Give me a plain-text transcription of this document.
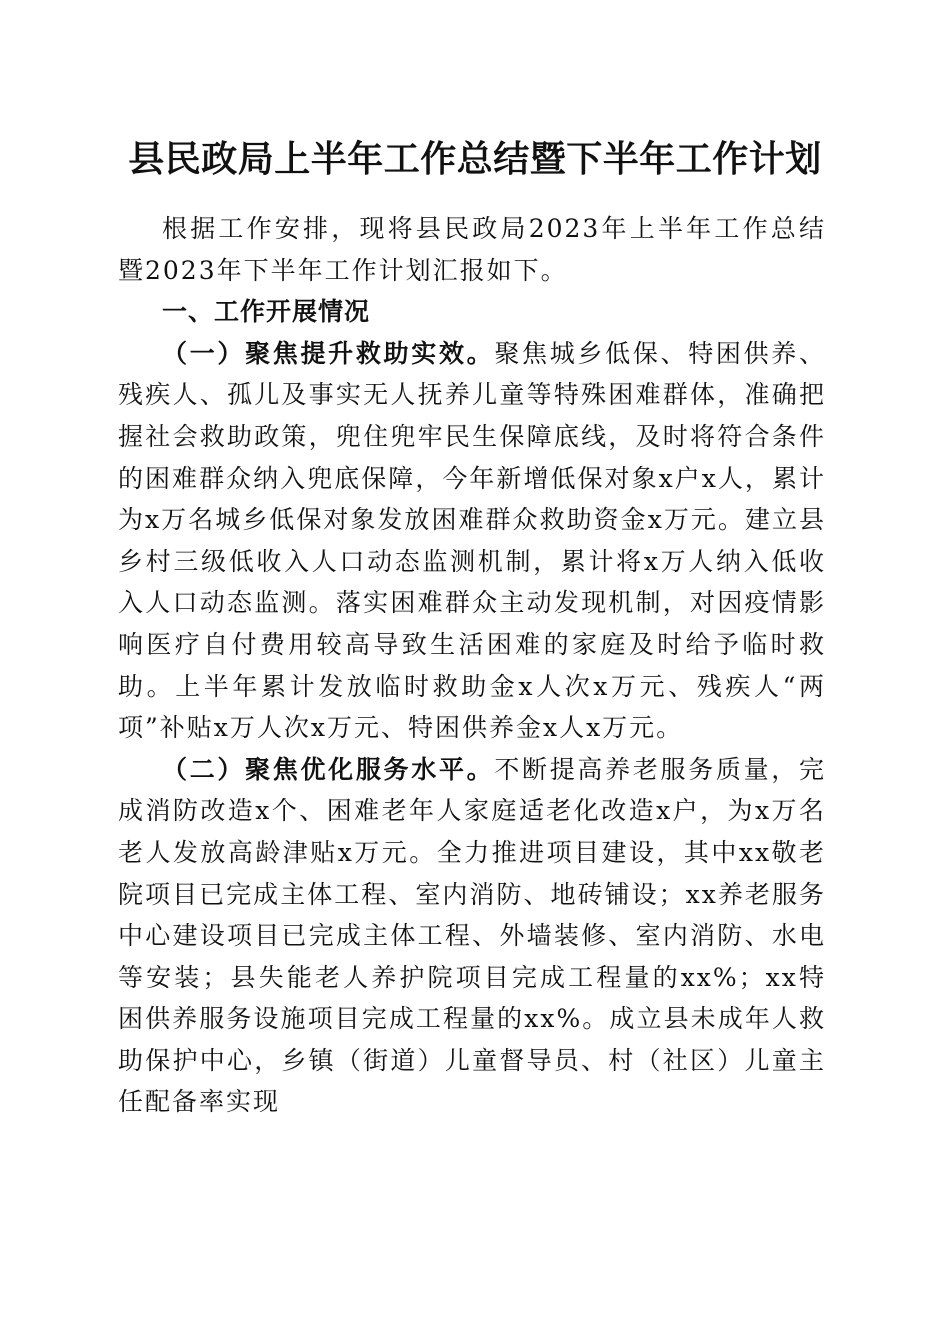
县民政局上半年工作总结暨下半年工作计划

根据工作安排，现将县民政局2023年上半年工作总结暨2023年下半年工作计划汇报如下。

一、工作开展情况

（一）聚焦提升救助实效。聚焦城乡低保、特困供养、残疾人、孤儿及事实无人抚养儿童等特殊困难群体，准确把握社会救助政策，兜住兜牢民生保障底线，及时将符合条件的困难群众纳入兜底保障，今年新增低保对象x户x人，累计为x万名城乡低保对象发放困难群众救助资金x万元。建立县乡村三级低收入人口动态监测机制，累计将x万人纳入低收入人口动态监测。落实困难群众主动发现机制，对因疫情影响医疗自付费用较高导致生活困难的家庭及时给予临时救助。上半年累计发放临时救助金x人次x万元、残疾人“两项”补贴x万人次x万元、特困供养金x人x万元。

（二）聚焦优化服务水平。不断提高养老服务质量，完成消防改造x个、困难老年人家庭适老化改造x户，为x万名老人发放高龄津贴x万元。全力推进项目建设，其中xx敬老院项目已完成主体工程、室内消防、地砖铺设；xx养老服务中心建设项目已完成主体工程、外墙装修、室内消防、水电等安装；县失能老人养护院项目完成工程量的xx%；xx特困供养服务设施项目完成工程量的xx%。成立县未成年人救助保护中心，乡镇（街道）儿童督导员、村（社区）儿童主任配备率实现
